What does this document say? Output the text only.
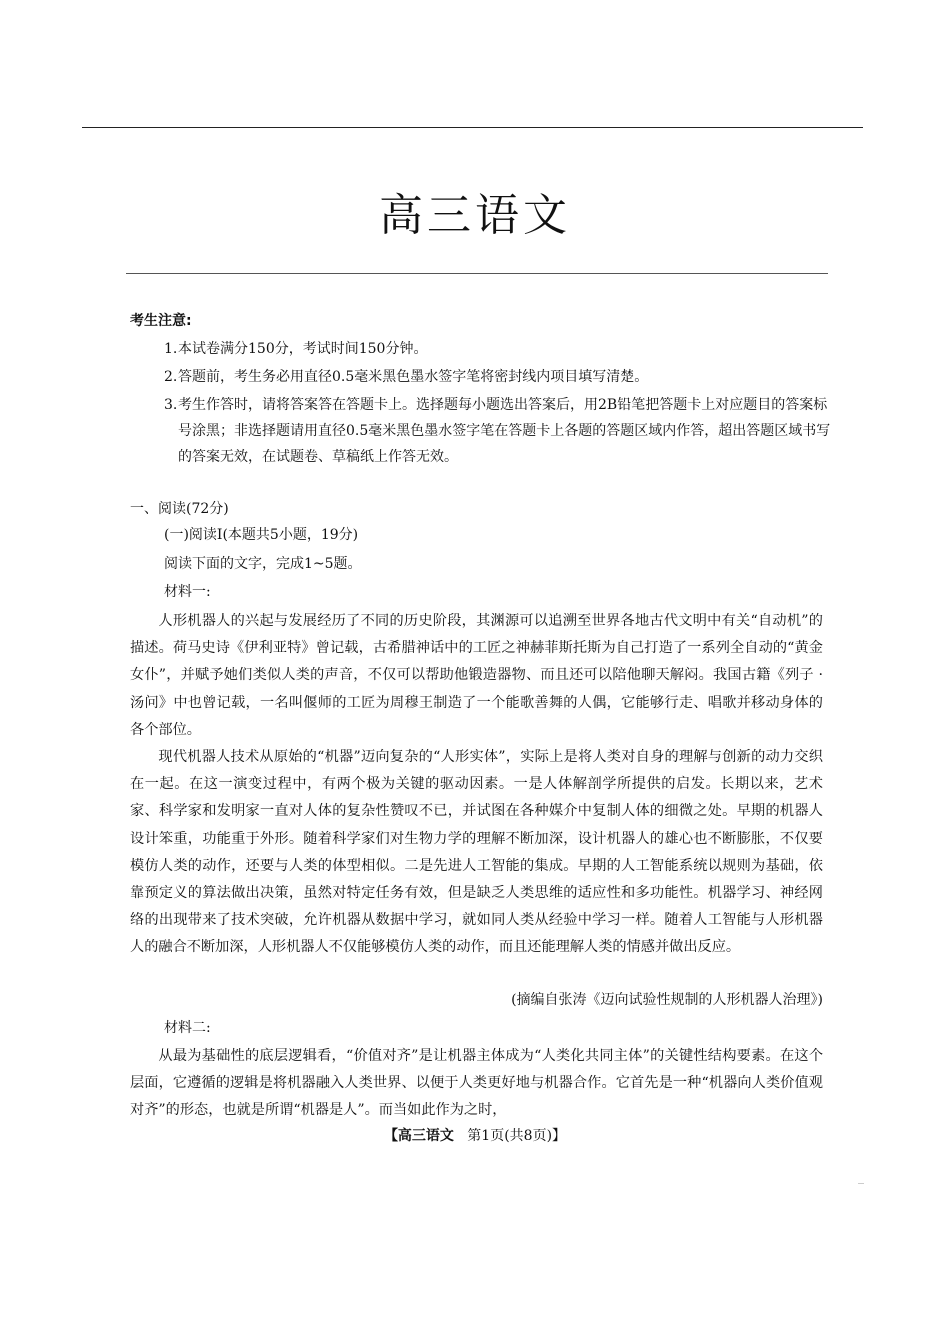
高三语文
考生注意:
1. 本试卷满分150分，考试时间150分钟。
2. 答题前，考生务必用直径0.5毫米黑色墨水签字笔将密封线内项目填写清楚。
3. 考生作答时，请将答案答在答题卡上。选择题每小题选出答案后，用2B铅笔把答题卡上对应题目的答案标号涂黑；非选择题请用直径0.5毫米黑色墨水签字笔在答题卡上各题的答题区域内作答，超出答题区域书写的答案无效，在试题卷、草稿纸上作答无效。
一、阅读(72分)
(一)阅读Ⅰ(本题共5小题，19分)
阅读下面的文字，完成1~5题。
材料一:
人形机器人的兴起与发展经历了不同的历史阶段，其渊源可以追溯至世界各地古代文明中有关“自动机”的描述。荷马史诗《伊利亚特》曾记载，古希腊神话中的工匠之神赫菲斯托斯为自己打造了一系列全自动的“黄金女仆”，并赋予她们类似人类的声音，不仅可以帮助他锻造器物、而且还可以陪他聊天解闷。我国古籍《列子 ·汤问》中也曾记载，一名叫偃师的工匠为周穆王制造了一个能歌善舞的人偶，它能够行走、唱歌并移动身体的各个部位。
现代机器人技术从原始的“机器”迈向复杂的“人形实体”，实际上是将人类对自身的理解与创新的动力交织在一起。在这一演变过程中，有两个极为关键的驱动因素。一是人体解剖学所提供的启发。长期以来，艺术家、科学家和发明家一直对人体的复杂性赞叹不已，并试图在各种媒介中复制人体的细微之处。早期的机器人设计笨重，功能重于外形。随着科学家们对生物力学的理解不断加深，设计机器人的雄心也不断膨胀，不仅要模仿人类的动作，还要与人类的体型相似。二是先进人工智能的集成。早期的人工智能系统以规则为基础，依靠预定义的算法做出决策，虽然对特定任务有效，但是缺乏人类思维的适应性和多功能性。机器学习、神经网络的出现带来了技术突破，允许机器从数据中学习，就如同人类从经验中学习一样。随着人工智能与人形机器人的融合不断加深，人形机器人不仅能够模仿人类的动作，而且还能理解人类的情感并做出反应。
(摘编自张涛《迈向试验性规制的人形机器人治理》)
材料二:
从最为基础性的底层逻辑看，“价值对齐”是让机器主体成为“人类化共同主体”的关键性结构要素。在这个层面，它遵循的逻辑是将机器融入人类世界、以便于人类更好地与机器合作。它首先是一种“机器向人类价值观对齐”的形态，也就是所谓“机器是人”。而当如此作为之时，
【高三语文 第1页(共8页)】
